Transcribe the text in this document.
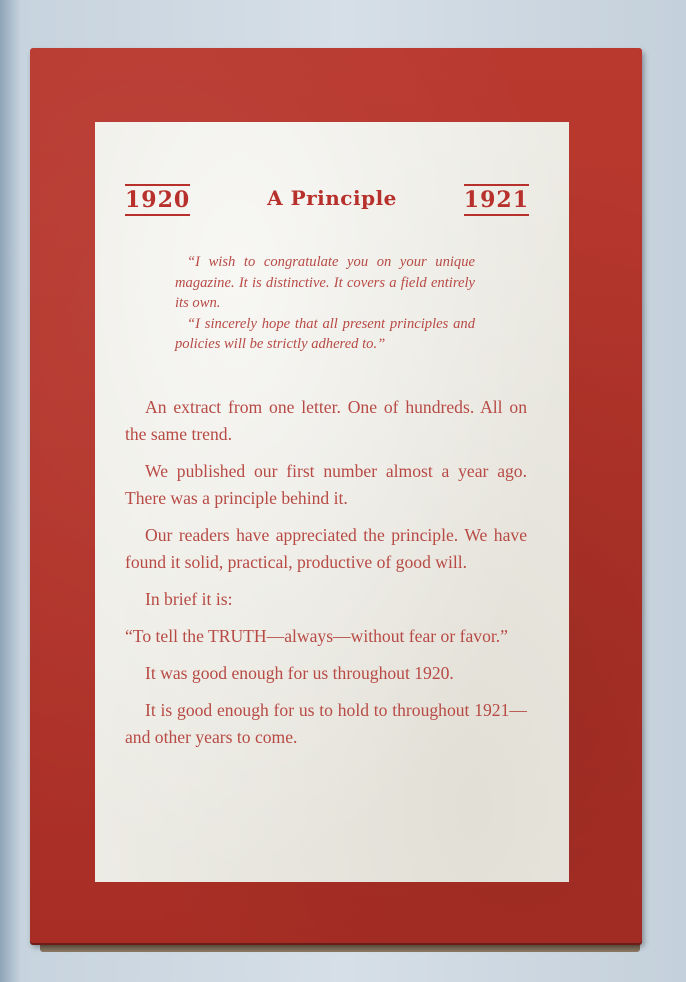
1920	A Principle	1921

“I wish to congratulate you on your unique magazine. It is distinctive. It covers a field entirely its own.

“I sincerely hope that all present principles and policies will be strictly adhered to.”

An extract from one letter. One of hundreds. All on the same trend.

We published our first number almost a year ago. There was a principle behind it.

Our readers have appreciated the principle. We have found it solid, practical, productive of good will.

In brief it is:

“To tell the TRUTH—always—without fear or favor.”

It was good enough for us throughout 1920.

It is good enough for us to hold to throughout 1921—and other years to come.
